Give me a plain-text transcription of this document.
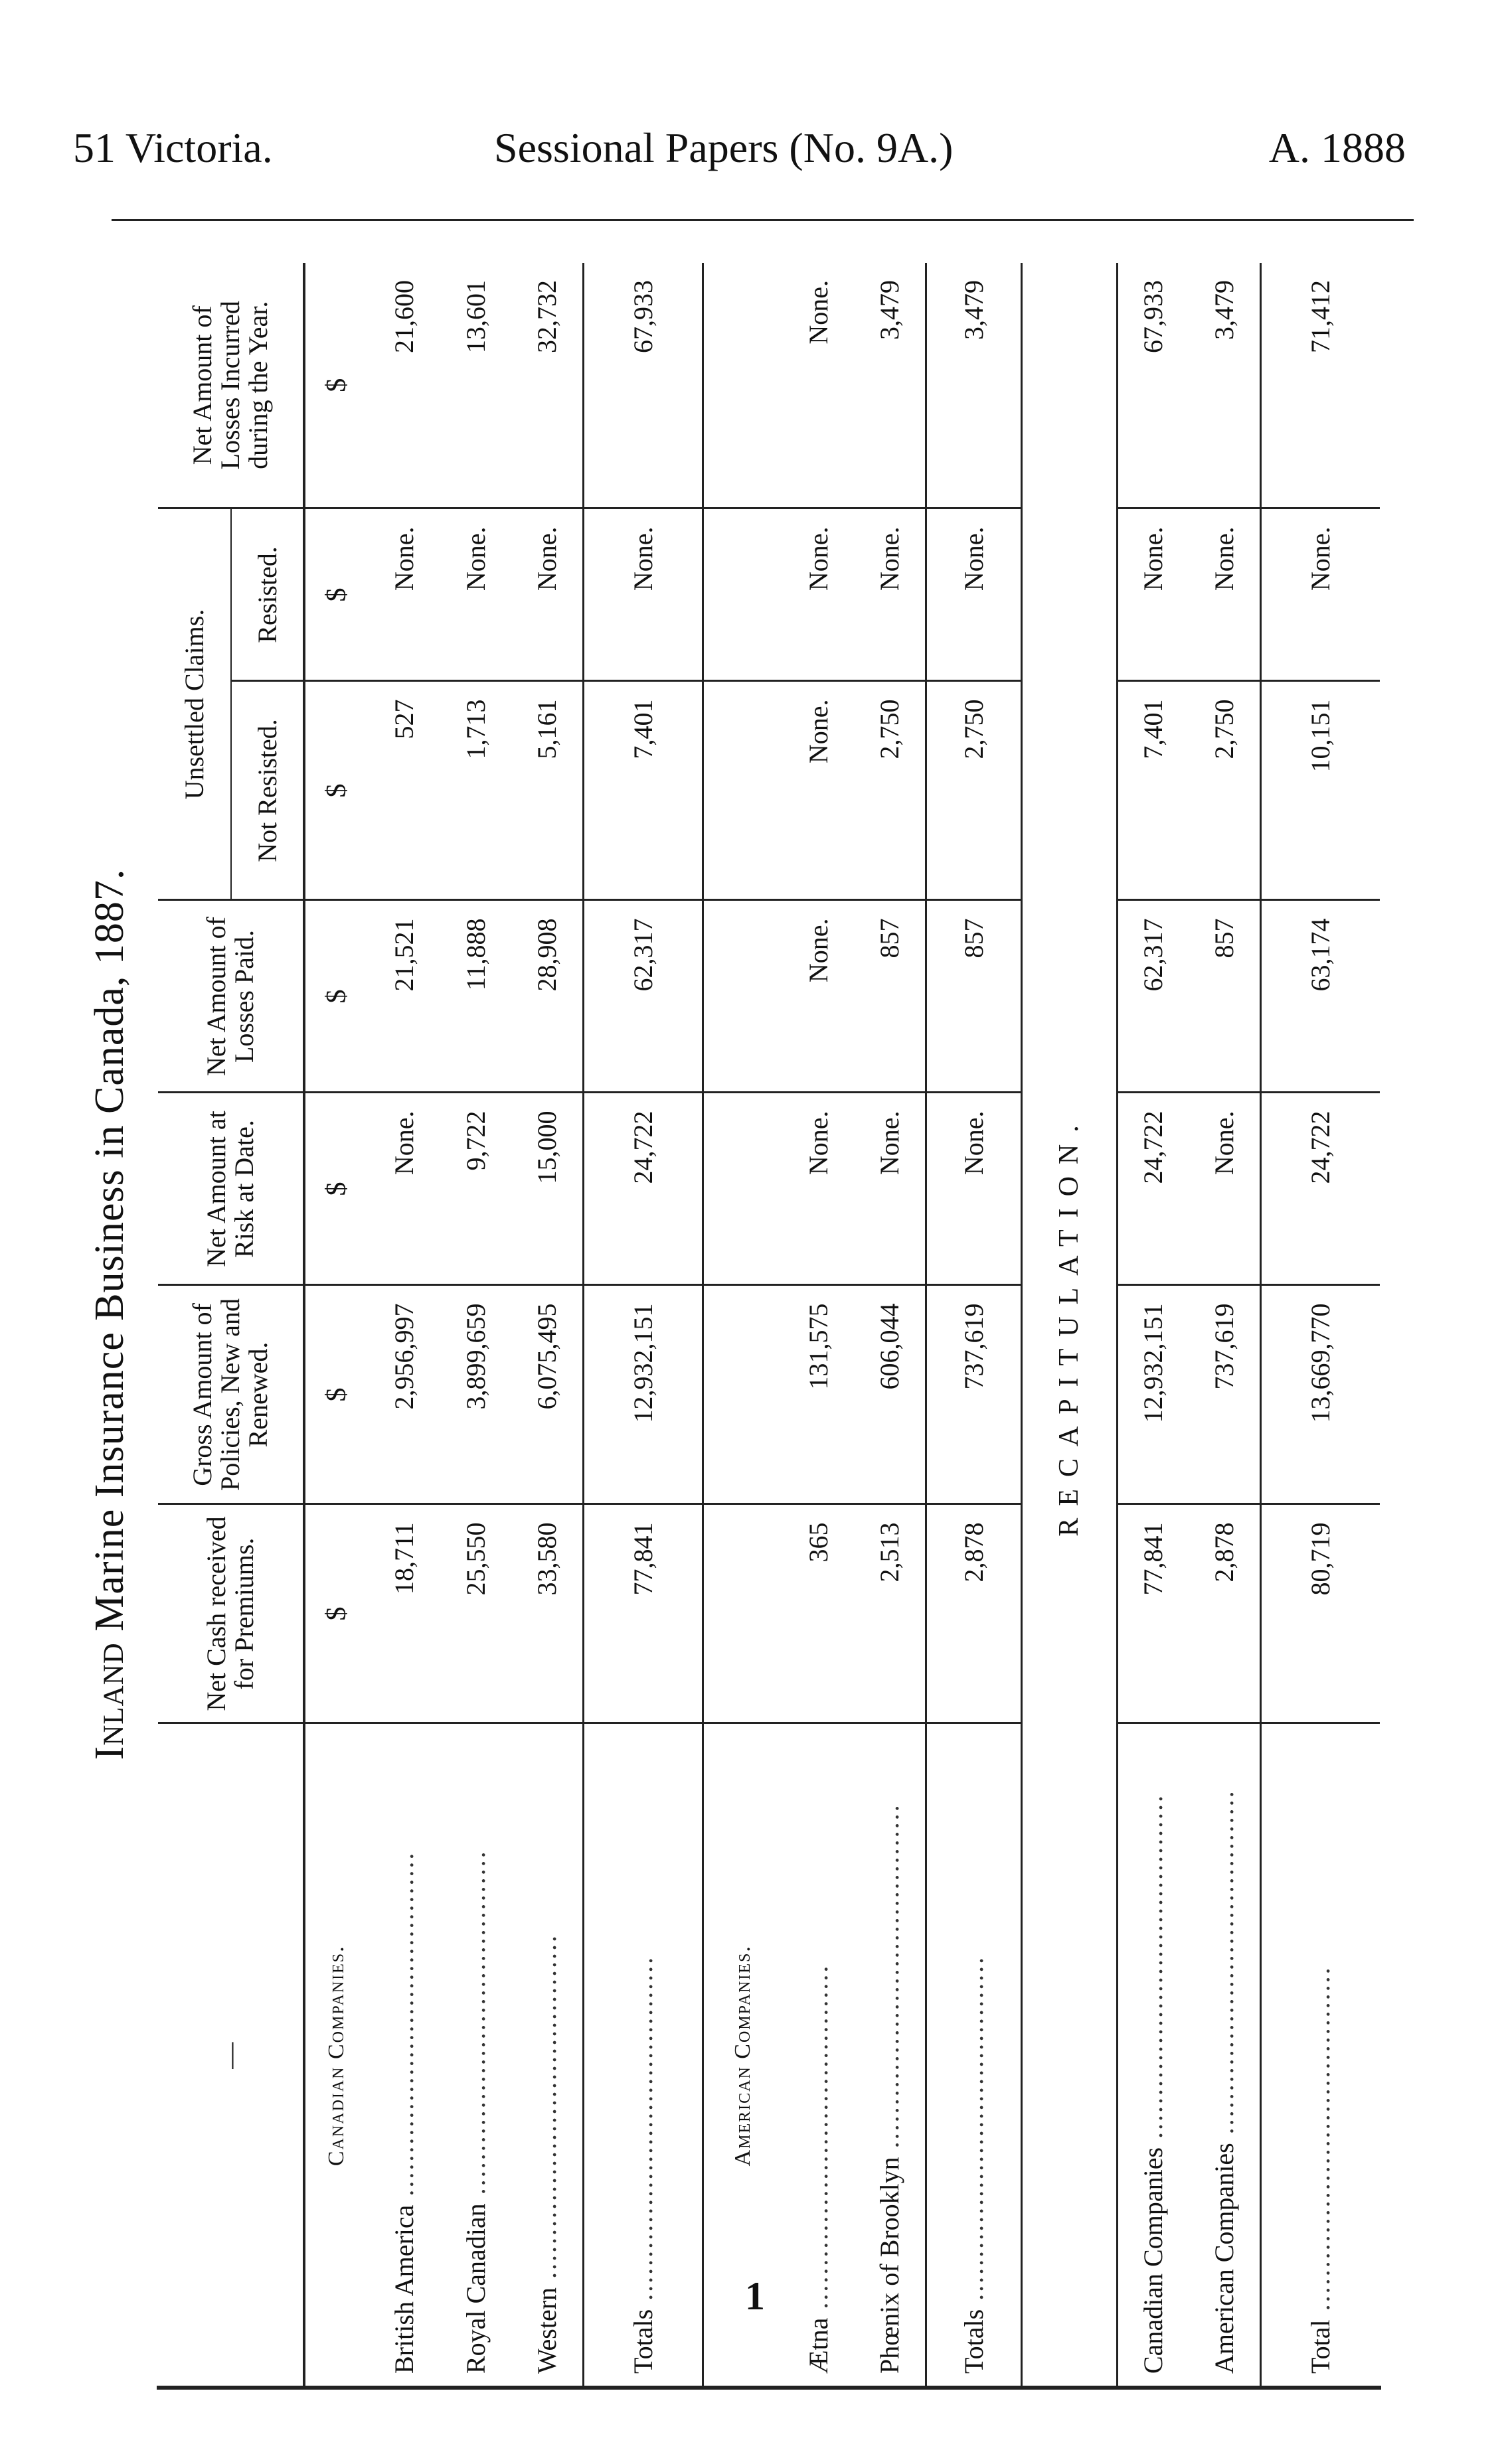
51 Victoria.	Sessional Papers (No. 9A.)	A. 1888
Inland Marine Insurance Business in Canada, 1887.
—	Net Cash received for Premiums.	Gross Amount of Policies, New and Renewed.	Net Amount at Risk at Date.	Net Amount of Losses Paid.	Unsettled Claims.		Net Amount of Losses Incurred during the Year.
					Not Resisted.	Resisted.	
Canadian Companies.	$	$	$	$	$	$	$
British America ........................................	18,711	2,956,997	None.	21,521	527	None.	21,600
Royal Canadian ........................................	25,550	3,899,659	9,722	11,888	1,713	None.	13,601
Western ........................................	33,580	6,075,495	15,000	28,908	5,161	None.	32,732
Totals ........................................	77,841	12,932,151	24,722	62,317	7,401	None.	67,933
American Companies.							
Ætna ........................................	365	131,575	None.	None.	None.	None.	None.
Phœnix of Brooklyn ........................................	2,513	606,044	None.	857	2,750	None.	3,479
Totals ........................................	2,878	737,619	None.	857	2,750	None.	3,479
RECAPITULATION.							
Canadian Companies ........................................	77,841	12,932,151	24,722	62,317	7,401	None.	67,933
American Companies ........................................	2,878	737,619	None.	857	2,750	None.	3,479
Total ........................................	80,719	13,669,770	24,722	63,174	10,151	None.	71,412
1
